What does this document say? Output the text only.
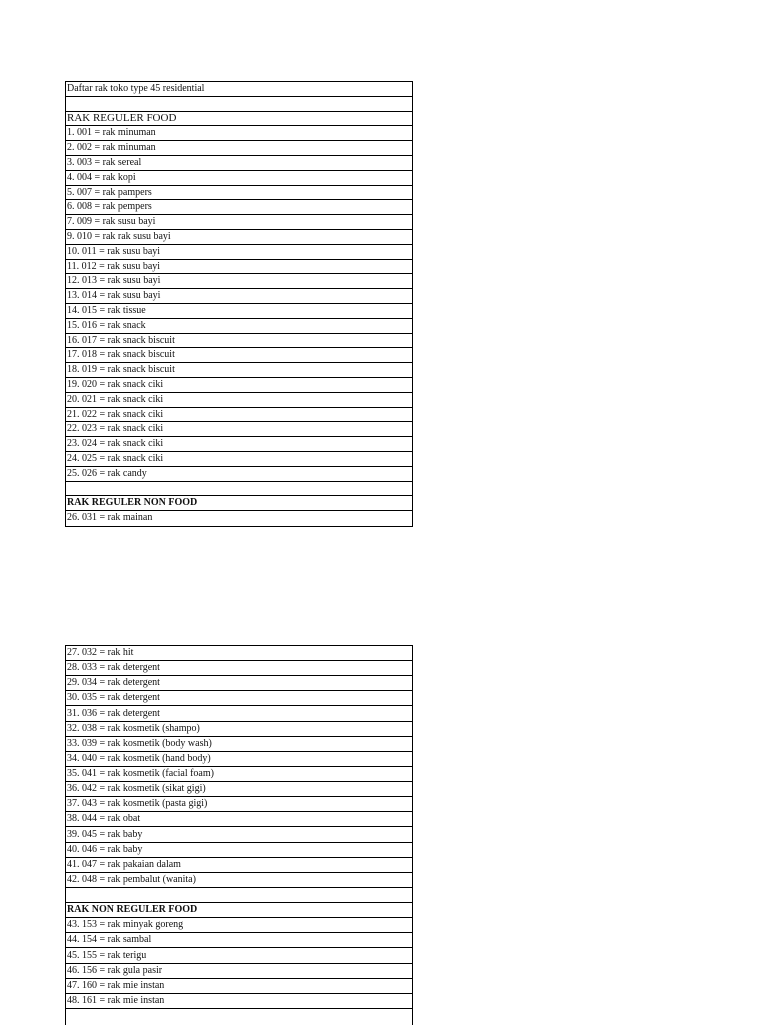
Daftar rak toko type 45 residential
RAK REGULER FOOD
1. 001 = rak minuman
2. 002 = rak minuman
3. 003 = rak sereal
4. 004 = rak kopi
5. 007 = rak pampers
6. 008 = rak pempers
7. 009 = rak susu bayi
9. 010 = rak rak susu bayi
10. 011 = rak susu bayi
11. 012 = rak susu bayi
12. 013 = rak susu bayi
13. 014 = rak susu bayi
14. 015 = rak tissue
15. 016 = rak snack
16. 017 = rak snack biscuit
17. 018 = rak snack biscuit
18. 019 = rak snack biscuit
19. 020 = rak snack ciki
20. 021 = rak snack ciki
21. 022 = rak snack ciki
22. 023 = rak snack ciki
23. 024 = rak snack ciki
24. 025 = rak snack ciki
25. 026 = rak candy
RAK REGULER NON FOOD
26. 031 = rak mainan
27. 032 = rak hit
28. 033 = rak detergent
29. 034 = rak detergent
30. 035 = rak detergent
31. 036 = rak detergent
32. 038 = rak kosmetik (shampo)
33. 039 = rak kosmetik (body wash)
34. 040 = rak kosmetik (hand body)
35. 041 = rak kosmetik (facial foam)
36. 042 = rak kosmetik (sikat gigi)
37. 043 = rak kosmetik (pasta gigi)
38. 044 = rak obat
39. 045 = rak baby
40. 046 = rak baby
41. 047 = rak pakaian dalam
42. 048 = rak pembalut (wanita)
RAK NON REGULER FOOD
43. 153 = rak minyak goreng
44. 154 = rak sambal
45. 155 = rak terigu
46. 156 = rak gula pasir
47. 160 = rak mie instan
48. 161 = rak mie instan
